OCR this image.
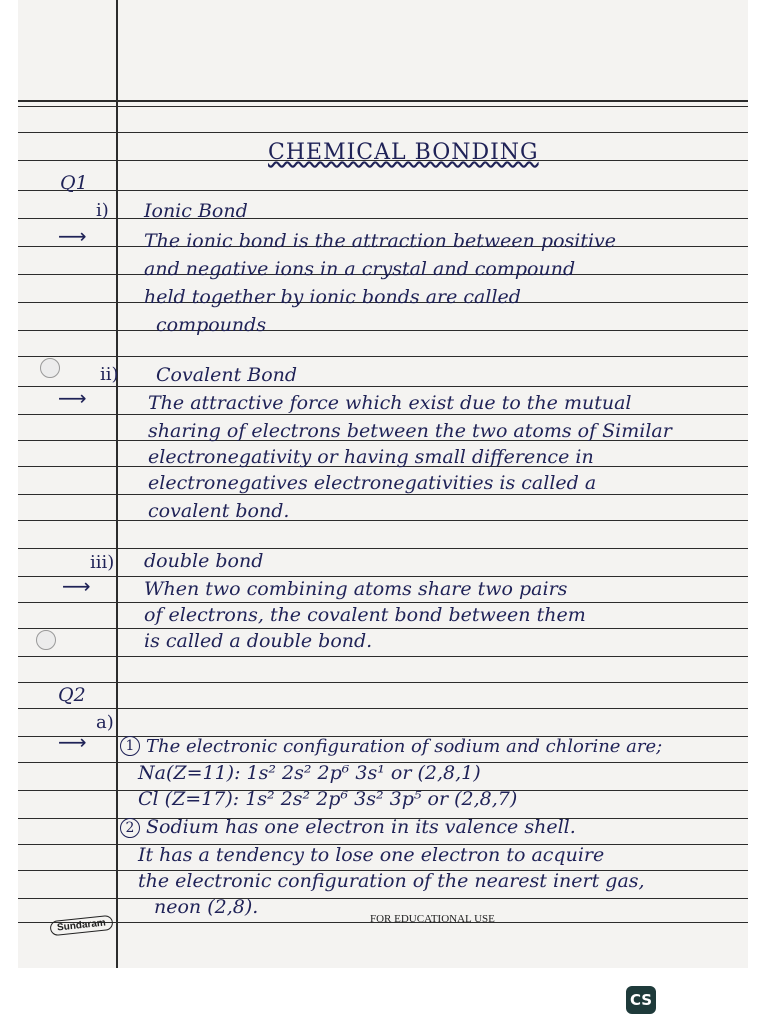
CHEMICAL BONDING
Q1
i) Ionic Bond
⟶	The ionic bond is the attraction between positive
and negative ions in a crystal and compound
held together by ionic bonds are called
compounds
ii) Covalent Bond
⟶	The attractive force which exist due to the mutual
sharing of electrons between the two atoms of Similar
electronegativity or having small difference in
electronegatives electronegativities is called a
covalent bond.
iii) double bond
⟶	When two combining atoms share two pairs
of electrons, the covalent bond between them
is called a double bond.
Q2
a)
⟶	1 The electronic configuration of sodium and chlorine are;
Na(Z=11): 1s² 2s² 2p⁶ 3s¹ or (2,8,1)
Cl (Z=17): 1s² 2s² 2p⁶ 3s² 3p⁵ or (2,8,7)
2 Sodium has one electron in its valence shell.
It has a tendency to lose one electron to acquire
the electronic configuration of the nearest inert gas,
neon (2,8).
Sundaram	FOR EDUCATIONAL USE
CS
